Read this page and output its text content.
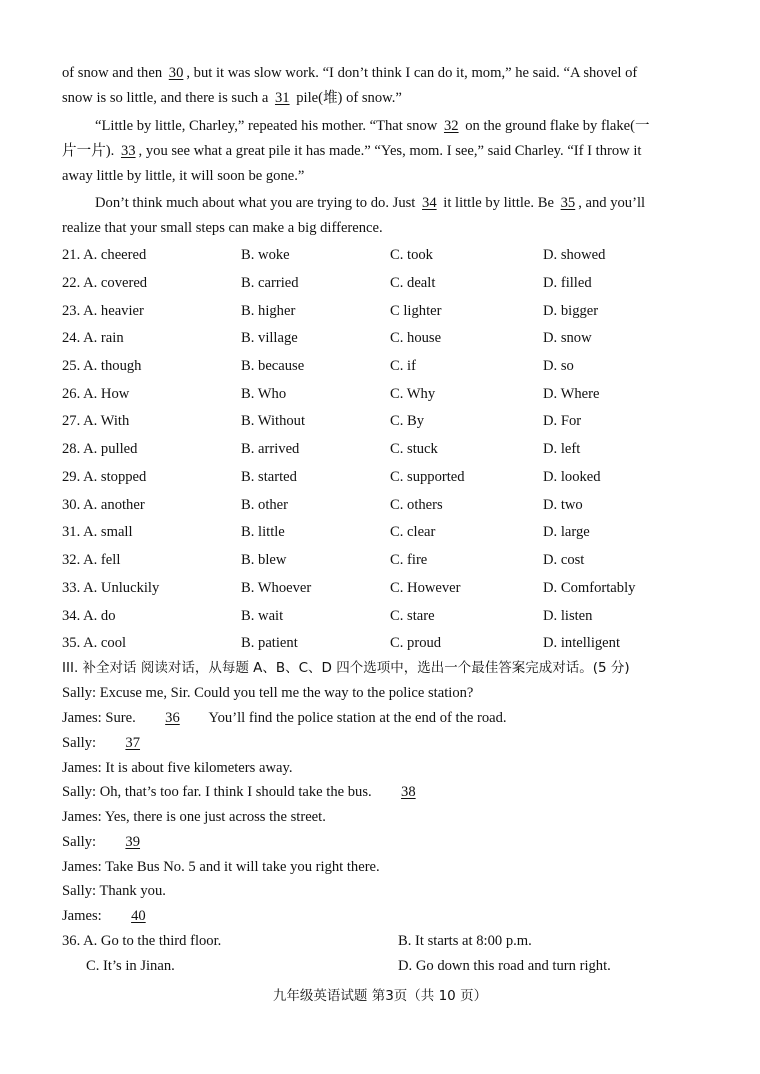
of snow and then 30 , but it was slow work. “I don’t think I can do it, mom,” he said. “A shovel of
snow is so little, and there is such a 31 pile(堆) of snow.”
“Little by little, Charley,” repeated his mother. “That snow 32 on the ground flake by flake(一
片一片). 33 , you see what a great pile it has made.” “Yes, mom. I see,” said Charley. “If I throw it
away little by little, it will soon be gone.”
Don’t think much about what you are trying to do. Just 34 it little by little. Be 35 , and you’ll
realize that your small steps can make a big difference.
21. A. cheered	B. woke	C. took	D. showed
22. A. covered	B. carried	C. dealt	D. filled
23. A. heavier	B. higher	C lighter	D. bigger
24. A. rain	B. village	C. house	D. snow
25. A. though	B. because	C. if	D. so
26. A. How	B. Who	C. Why	D. Where
27. A. With	B. Without	C. By	D. For
28. A. pulled	B. arrived	C. stuck	D. left
29. A. stopped	B. started	C. supported	D. looked
30. A. another	B. other	C. others	D. two
31. A. small	B. little	C. clear	D. large
32. A. fell	B. blew	C. fire	D. cost
33. A. Unluckily	B. Whoever	C. However	D. Comfortably
34. A. do	B. wait	C. stare	D. listen
35. A. cool	B. patient	C. proud	D. intelligent
III. 补全对话 阅读对话，从每题 A、B、C、D 四个选项中，选出一个最佳答案完成对话。(5 分)
Sally: Excuse me, Sir. Could you tell me the way to the police station?
James: Sure. 36 You’ll find the police station at the end of the road.
Sally: 37
James: It is about five kilometers away.
Sally: Oh, that’s too far. I think I should take the bus. 38
James: Yes, there is one just across the street.
Sally: 39
James: Take Bus No. 5 and it will take you right there.
Sally: Thank you.
James: 40
36. A. Go to the third floor.	B. It starts at 8:00 p.m.
C. It’s in Jinan.	D. Go down this road and turn right.
九年级英语试题 第3页（共 10 页）
